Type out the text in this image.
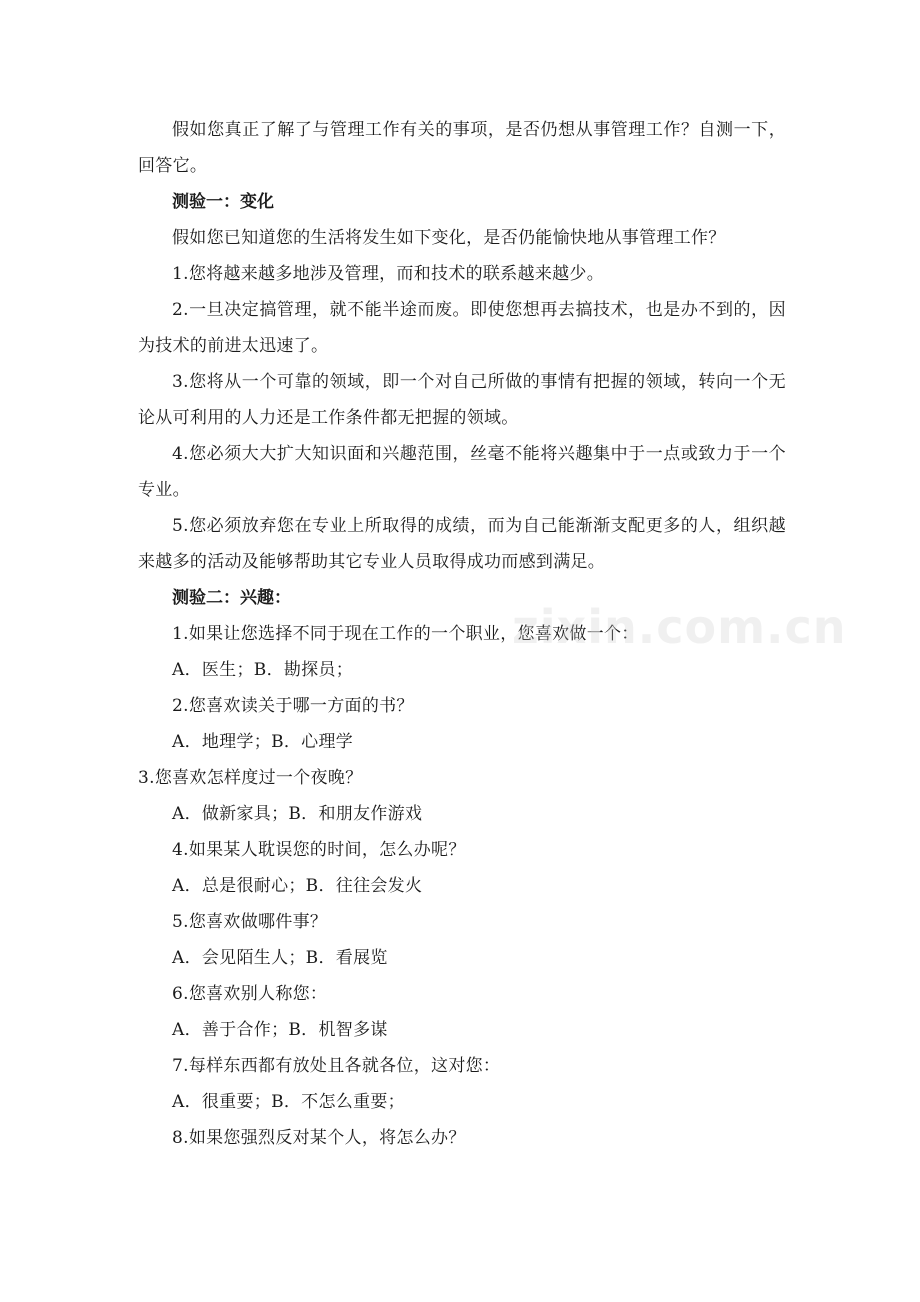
假如您真正了解了与管理工作有关的事项，是否仍想从事管理工作？自测一下，回答它。

测验一：变化

假如您已知道您的生活将发生如下变化，是否仍能愉快地从事管理工作？

1.您将越来越多地涉及管理，而和技术的联系越来越少。

2.一旦决定搞管理，就不能半途而废。即使您想再去搞技术，也是办不到的，因为技术的前进太迅速了。

3.您将从一个可靠的领域，即一个对自己所做的事情有把握的领域，转向一个无论从可利用的人力还是工作条件都无把握的领域。

4.您必须大大扩大知识面和兴趣范围，丝毫不能将兴趣集中于一点或致力于一个专业。

5.您必须放弃您在专业上所取得的成绩，而为自己能渐渐支配更多的人，组织越来越多的活动及能够帮助其它专业人员取得成功而感到满足。

测验二：兴趣：

1.如果让您选择不同于现在工作的一个职业，您喜欢做一个：

A．医生；B．勘探员；

2.您喜欢读关于哪一方面的书？

A．地理学；B．心理学

3.您喜欢怎样度过一个夜晚？

A．做新家具；B．和朋友作游戏

4.如果某人耽误您的时间，怎么办呢？

A．总是很耐心；B．往往会发火

5.您喜欢做哪件事？

A．会见陌生人；B．看展览

6.您喜欢别人称您：

A．善于合作；B．机智多谋

7.每样东西都有放处且各就各位，这对您：

A．很重要；B．不怎么重要；

8.如果您强烈反对某个人，将怎么办？

zixin.com.cn
